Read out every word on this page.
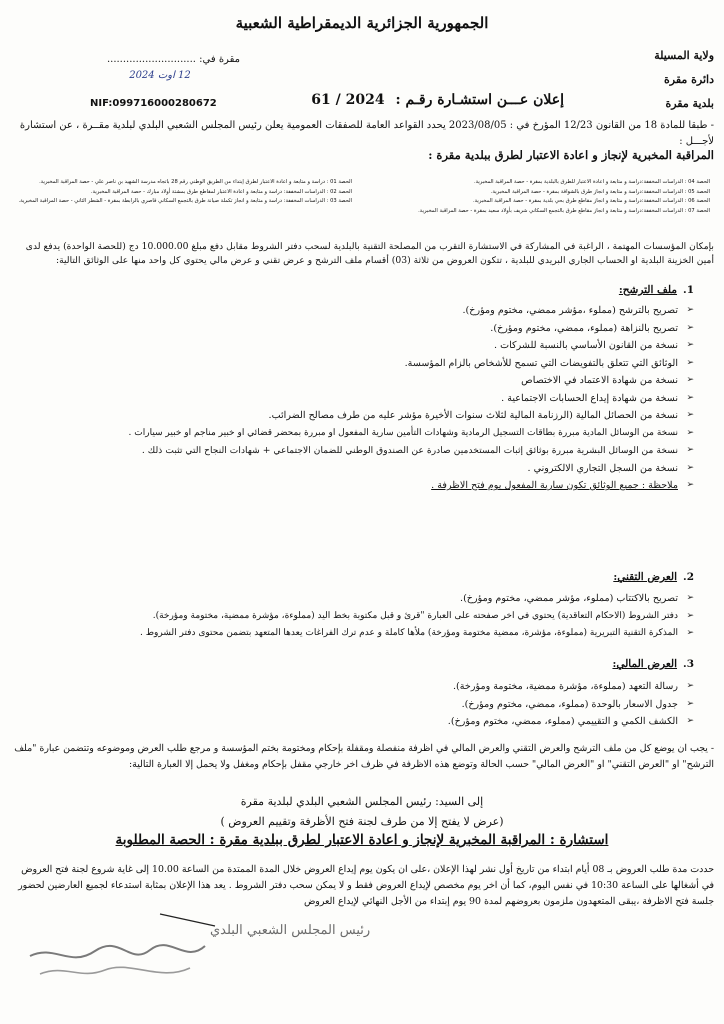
الجمهورية الجزائرية الديمقراطية الشعبية
ولاية المسيلة
دائرة مقرة
بلدية مقرة
مقرة في: ............................
12 اوت 2024
NIF:099716000280672	إعلان عـــن استشـارة رقـم : 2024 / 61
- طبقا للمادة 18 من القانون 12/23 المؤرخ في : 2023/08/05 يحدد القواعد العامة للصفقات العمومية يعلن رئيس المجلس الشعبي البلدي لبلدية مقــرة ، عن استشارة لأجـــل :
المراقبة المخبرية لإنجاز و اعادة الاعتبار لطرق ببلدية مقرة :
الحصة 04 : الدراسات المخففة:دراسة و متابعة و اعادة الاعتبار للطرق بالبلدية بمقرة - حصة المراقبة المخبرية.
الحصة 05 : الدراسات المخففة:دراسة و متابعة و انجاز طرق بالشوافة بمقرة - حصة المراقبة المخبرية.
الحصة 06 : الدراسات المخففة:دراسة و متابعة و انجاز مقاطع طرق بحي بلدية بمقرة - حصة المراقبة المخبرية.
الحصة 07 : الدراسات المخففة:دراسة و متابعة و انجاز مقاطع طرق بالتجمع السكاني شريف بأولاد سعيد بمقرة - حصة المراقبة المخبرية.
الحصة 01 : دراسة و متابعة و اعادة الاعتبار لطرق إبتداء من الطريق الوطني رقم 28 باتجاه مدرسة الشهيد بن ناصر علي - حصة المراقبة المخبرية.
الحصة 02 : الدراسات المخففة: دراسة و متابعة و اعادة الاعتبار لمقاطع طرق بمشتة أولاد مبارك - حصة المراقبة المخبرية.
الحصة 03 : الدراسات المخففة: دراسة و متابعة و انجاز تكملة صيانة طرق بالتجمع السكاني قاصري بالرابطة بمقرة - الشطر الثاني - حصة المراقبة المخبرية.
بإمكان المؤسسات المهتمة ، الراغبة في المشاركة في الاستشارة التقرب من المصلحة التقنية بالبلدية لسحب دفتر الشروط مقابل دفع مبلغ 10.000.00 دج (للحصة الواحدة) يدفع لدى أمين الخزينة البلدية او الحساب الجاري البريدي للبلدية ، تتكون العروض من ثلاثة (03) أقسام ملف الترشح و عرض تقني و عرض مالي يحتوي كل واحد منها على الوثائق التالية:
1.ملف الترشح:
➢
تصريح بالترشح (مملوء ،مؤشر ممضي، مختوم ومؤرخ).
➢
تصريح بالنزاهة (مملوء، ممضي، مختوم ومؤرخ).
➢
نسخة من القانون الأساسي بالنسبة للشركات .
➢
الوثائق التي تتعلق بالتفويضات التي تسمح للأشخاص بالزام المؤسسة.
➢
نسخة من شهادة الاعتماد في الاختصاص
➢
نسخة من شهادة إيداع الحسابات الاجتماعية .
➢
نسخة من الحصائل المالية (الرزنامة المالية لثلاث سنوات الأخيرة مؤشر عليه من طرف مصالح الضرائب.
➢
نسخة من الوسائل المادية مبررة بطاقات التسجيل الرمادية وشهادات التأمين سارية المفعول او مبررة بمحضر قضائي او خبير مناجم او خبير سيارات .
➢
نسخة من الوسائل البشرية مبررة بوثائق إثبات المستخدمين صادرة عن الصندوق الوطني للضمان الاجتماعي + شهادات النجاح التي تثبت ذلك .
➢
نسخة من السجل التجاري الالكتروني .
➢
ملاحظة : جميع الوثائق تكون سارية المفعول يوم فتح الاظرفة .
2.العرض التقني:
➢
تصريح بالاكتتاب (مملوء، مؤشر ممضي، مختوم ومؤرخ).
➢
دفتر الشروط (الاحكام التعاقدية) يحتوي في اخر صفحته على العبارة "قرئ و قبل مكتوبة بخط اليد (مملوءة، مؤشرة ممضية، مختومة ومؤرخة).
➢
المذكرة التقنية التبريرية (مملوءة، مؤشرة، ممضية مختومة ومؤرخة) ملأها كاملة و عدم ترك الفراغات يعدها المتعهد بتضمن محتوى دفتر الشروط .
3.العرض المالي:
➢
رسالة التعهد (مملوءة، مؤشرة ممضية، مختومة ومؤرخة).
➢
جدول الاسعار بالوحدة (مملوء، ممضي، مختوم ومؤرخ).
➢
الكشف الكمي و التقييمي (مملوء، ممضي، مختوم ومؤرخ).
- يجب ان يوضع كل من ملف الترشح والعرض التقني والعرض المالي في اظرفة منفصلة ومقفلة بإحكام ومختومة بختم المؤسسة و مرجع طلب العرض وموضوعه وتتضمن عبارة "ملف الترشح" او "العرض التقني" او "العرض المالي" حسب الحالة وتوضع هذه الاظرفة في ظرف اخر خارجي مقفل بإحكام ومغفل ولا يحمل إلا العبارة التالية:
إلى السيد: رئيس المجلس الشعبي البلدي لبلدية مقرة
(عرض لا يفتح إلا من طرف لجنة فتح الأظرفة وتقييم العروض )
استشارة : المراقبة المخبرية لإنجاز و اعادة الاعتبار لطرق ببلدية مقرة : الحصة المطلوبة
حددت مدة طلب العروض بـ 08 أيام ابتداء من تاريخ أول نشر لهذا الإعلان ،على ان يكون يوم إيداع العروض خلال المدة الممتدة من الساعة 10.00 إلى غاية شروع لجنة فتح العروض في أشغالها على الساعة 10:30 في نفس اليوم، كما أن اخر يوم مخصص لإيداع العروض فقط و لا يمكن سحب دفتر الشروط . يعد هذا الإعلان بمثابة استدعاء لجميع العارضين لحضور جلسة فتح الاظرفة ،يبقى المتعهدون ملزمون بعروضهم لمدة 90 يوم إبتداء من الأجل النهائي لإيداع العروض
رئيس المجلس الشعبي البلدي
